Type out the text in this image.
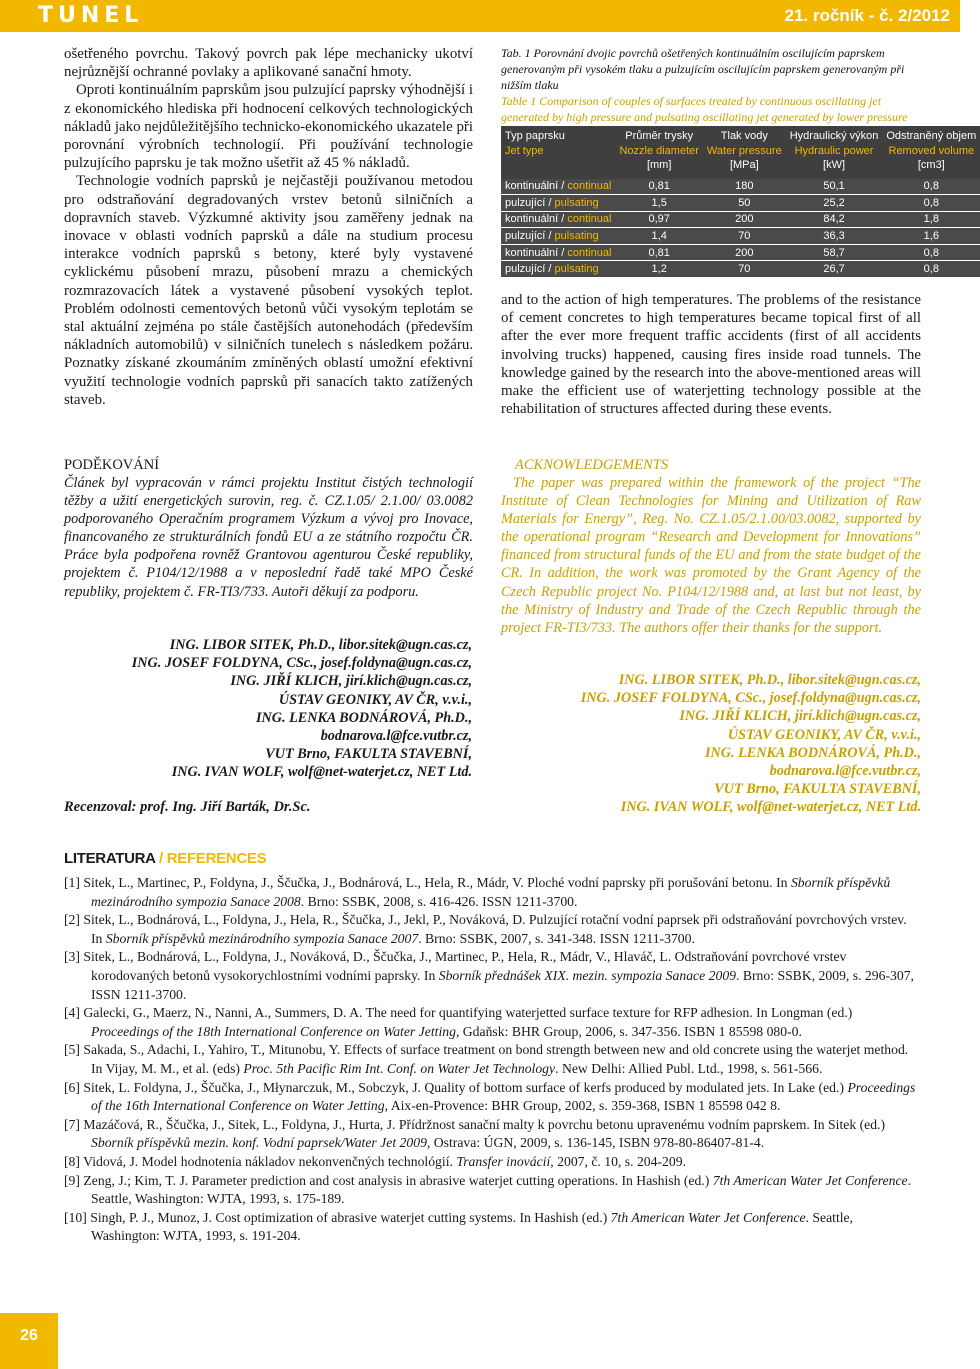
TUNEL	21. ročník - č. 2/2012

ošetřeného povrchu. Takový povrch pak lépe mechanicky ukotví nejrůznější ochranné povlaky a aplikované sanační hmoty.

Oproti kontinuálním paprskům jsou pulzující paprsky výhodnější i z ekonomického hlediska při hodnocení celkových technologických nákladů jako nejdůležitějšího technicko-ekonomického ukazatele při porovnání výrobních technologií. Při používání technologie pulzujícího paprsku je tak možno ušetřit až 45 % nákladů.

Technologie vodních paprsků je nejčastěji používanou metodou pro odstraňování degradovaných vrstev betonů silničních a dopravních staveb. Výzkumné aktivity jsou zaměřeny jednak na inovace v oblasti vodních paprsků a dále na studium procesu interakce vodních paprsků s betony, které byly vystavené cyklickému působení mrazu, působení mrazu a chemických rozmrazovacích látek a vystavené působení vysokých teplot. Problém odolnosti cementových betonů vůči vysokým teplotám se stal aktuální zejména po stále častějších autonehodách (především nákladních automobilů) v silničních tunelech s následkem požáru. Poznatky získané zkoumáním zmíněných oblastí umožní efektivní využití technologie vodních paprsků při sanacích takto zatížených staveb.

PODĚKOVÁNÍ

Článek byl vypracován v rámci projektu Institut čistých technologií těžby a užití energetických surovin, reg. č. CZ.1.05/ 2.1.00/ 03.0082 podporovaného Operačním programem Výzkum a vývoj pro Inovace, financovaného ze strukturálních fondů EU a ze státního rozpočtu ČR. Práce byla podpořena rovněž Grantovou agenturou České republiky, projektem č. P104/12/1988 a v neposlední řadě také MPO České republiky, projektem č. FR-TI3/733. Autoři děkují za podporu.

ING. LIBOR SITEK, Ph.D., libor.sitek@ugn.cas.cz,
ING. JOSEF FOLDYNA, CSc., josef.foldyna@ugn.cas.cz,
ING. JIŘÍ KLICH, jirí.klich@ugn.cas.cz,
ÚSTAV GEONIKY, AV ČR, v.v.i.,
ING. LENKA BODNÁROVÁ, Ph.D.,
bodnarova.l@fce.vutbr.cz,
VUT Brno, FAKULTA STAVEBNÍ,
ING. IVAN WOLF, wolf@net-waterjet.cz, NET Ltd.
Recenzoval: prof. Ing. Jiří Barták, Dr.Sc.

Tab. 1 Porovnání dvojic povrchů ošetřených kontinuálním oscilujícím paprskem generovaným při vysokém tlaku a pulzujícím oscilujícím paprskem generovaným při nižším tlaku

Table 1 Comparison of couples of surfaces treated by continuous oscillating jet generated by high pressure and pulsating oscillating jet generated by lower pressure

Typ paprsku	Průměr trysky	Tlak vody	Hydraulický výkon	Odstraněný objem
Jet type	Nozzle diameter	Water pressure	Hydraulic power	Removed volume
	[mm]	[MPa]	[kW]	[cm3]
kontinuální / continual	0,81	180	50,1	0,8
pulzující / pulsating	1,5	50	25,2	0,8
kontinuální / continual	0,97	200	84,2	1,8
pulzující / pulsating	1,4	70	36,3	1,6
kontinuální / continual	0,81	200	58,7	0,8
pulzující / pulsating	1,2	70	26,7	0,8

and to the action of high temperatures. The problems of the resistance of cement concretes to high temperatures became topical first of all after the ever more frequent traffic accidents (first of all accidents involving trucks) happened, causing fires inside road tunnels. The knowledge gained by the research into the above-mentioned areas will make the efficient use of waterjetting technology possible at the rehabilitation of structures affected during these events.

ACKNOWLEDGEMENTS

The paper was prepared within the framework of the project “The Institute of Clean Technologies for Mining and Utilization of Raw Materials for Energy”, Reg. No. CZ.1.05/2.1.00/03.0082, supported by the operational program “Research and Development for Innovations” financed from structural funds of the EU and from the state budget of the CR. In addition, the work was promoted by the Grant Agency of the Czech Republic project No. P104/12/1988 and, at last but not least, by the Ministry of Industry and Trade of the Czech Republic through the project FR-TI3/733. The authors offer their thanks for the support.

ING. LIBOR SITEK, Ph.D., libor.sitek@ugn.cas.cz,
ING. JOSEF FOLDYNA, CSc., josef.foldyna@ugn.cas.cz,
ING. JIŘÍ KLICH, jirí.klich@ugn.cas.cz,
ÚSTAV GEONIKY, AV ČR, v.v.i.,
ING. LENKA BODNÁROVÁ, Ph.D.,
bodnarova.l@fce.vutbr.cz,
VUT Brno, FAKULTA STAVEBNÍ,
ING. IVAN WOLF, wolf@net-waterjet.cz, NET Ltd.
LITERATURA / REFERENCES

[1] Sitek, L., Martinec, P., Foldyna, J., Ščučka, J., Bodnárová, L., Hela, R., Mádr, V. Ploché vodní paprsky při porušování betonu. In Sborník příspěvků mezinárodního sympozia Sanace 2008. Brno: SSBK, 2008, s. 416-426. ISSN 1211-3700.

[2] Sitek, L., Bodnárová, L., Foldyna, J., Hela, R., Ščučka, J., Jekl, P., Nováková, D. Pulzující rotační vodní paprsek při odstraňování povrchových vrstev. In Sborník příspěvků mezinárodního sympozia Sanace 2007. Brno: SSBK, 2007, s. 341-348. ISSN 1211-3700.

[3] Sitek, L., Bodnárová, L., Foldyna, J., Nováková, D., Ščučka, J., Martinec, P., Hela, R., Mádr, V., Hlaváč, L. Odstraňování povrchové vrstev korodovaných betonů vysokorychlostními vodními paprsky. In Sborník přednášek XIX. mezin. sympozia Sanace 2009. Brno: SSBK, 2009, s. 296-307, ISSN 1211-3700.

[4] Galecki, G., Maerz, N., Nanni, A., Summers, D. A. The need for quantifying waterjetted surface texture for RFP adhesion. In Longman (ed.) Proceedings of the 18th International Conference on Water Jetting, Gdaňsk: BHR Group, 2006, s. 347-356. ISBN 1 85598 080-0.

[5] Sakada, S., Adachi, I., Yahiro, T., Mitunobu, Y. Effects of surface treatment on bond strength between new and old concrete using the waterjet method. In Vijay, M. M., et al. (eds) Proc. 5th Pacific Rim Int. Conf. on Water Jet Technology. New Delhi: Allied Publ. Ltd., 1998, s. 561-566.

[6] Sitek, L. Foldyna, J., Ščučka, J., Młynarczuk, M., Sobczyk, J. Quality of bottom surface of kerfs produced by modulated jets. In Lake (ed.) Proceedings of the 16th International Conference on Water Jetting, Aix-en-Provence: BHR Group, 2002, s. 359-368, ISBN 1 85598 042 8.

[7] Mazáčová, R., Ščučka, J., Sitek, L., Foldyna, J., Hurta, J. Přídržnost sanační malty k povrchu betonu upravenému vodním paprskem. In Sitek (ed.) Sborník příspěvků mezin. konf. Vodní paprsek/Water Jet 2009, Ostrava: ÚGN, 2009, s. 136-145, ISBN 978-80-86407-81-4.

[8] Vidová, J. Model hodnotenia nákladov nekonvenčných technológií. Transfer inovácií, 2007, č. 10, s. 204-209.

[9] Zeng, J.; Kim, T. J. Parameter prediction and cost analysis in abrasive waterjet cutting operations. In Hashish (ed.) 7th American Water Jet Conference. Seattle, Washington: WJTA, 1993, s. 175-189.

[10] Singh, P. J., Munoz, J. Cost optimization of abrasive waterjet cutting systems. In Hashish (ed.) 7th American Water Jet Conference. Seattle, Washington: WJTA, 1993, s. 191-204.

26
